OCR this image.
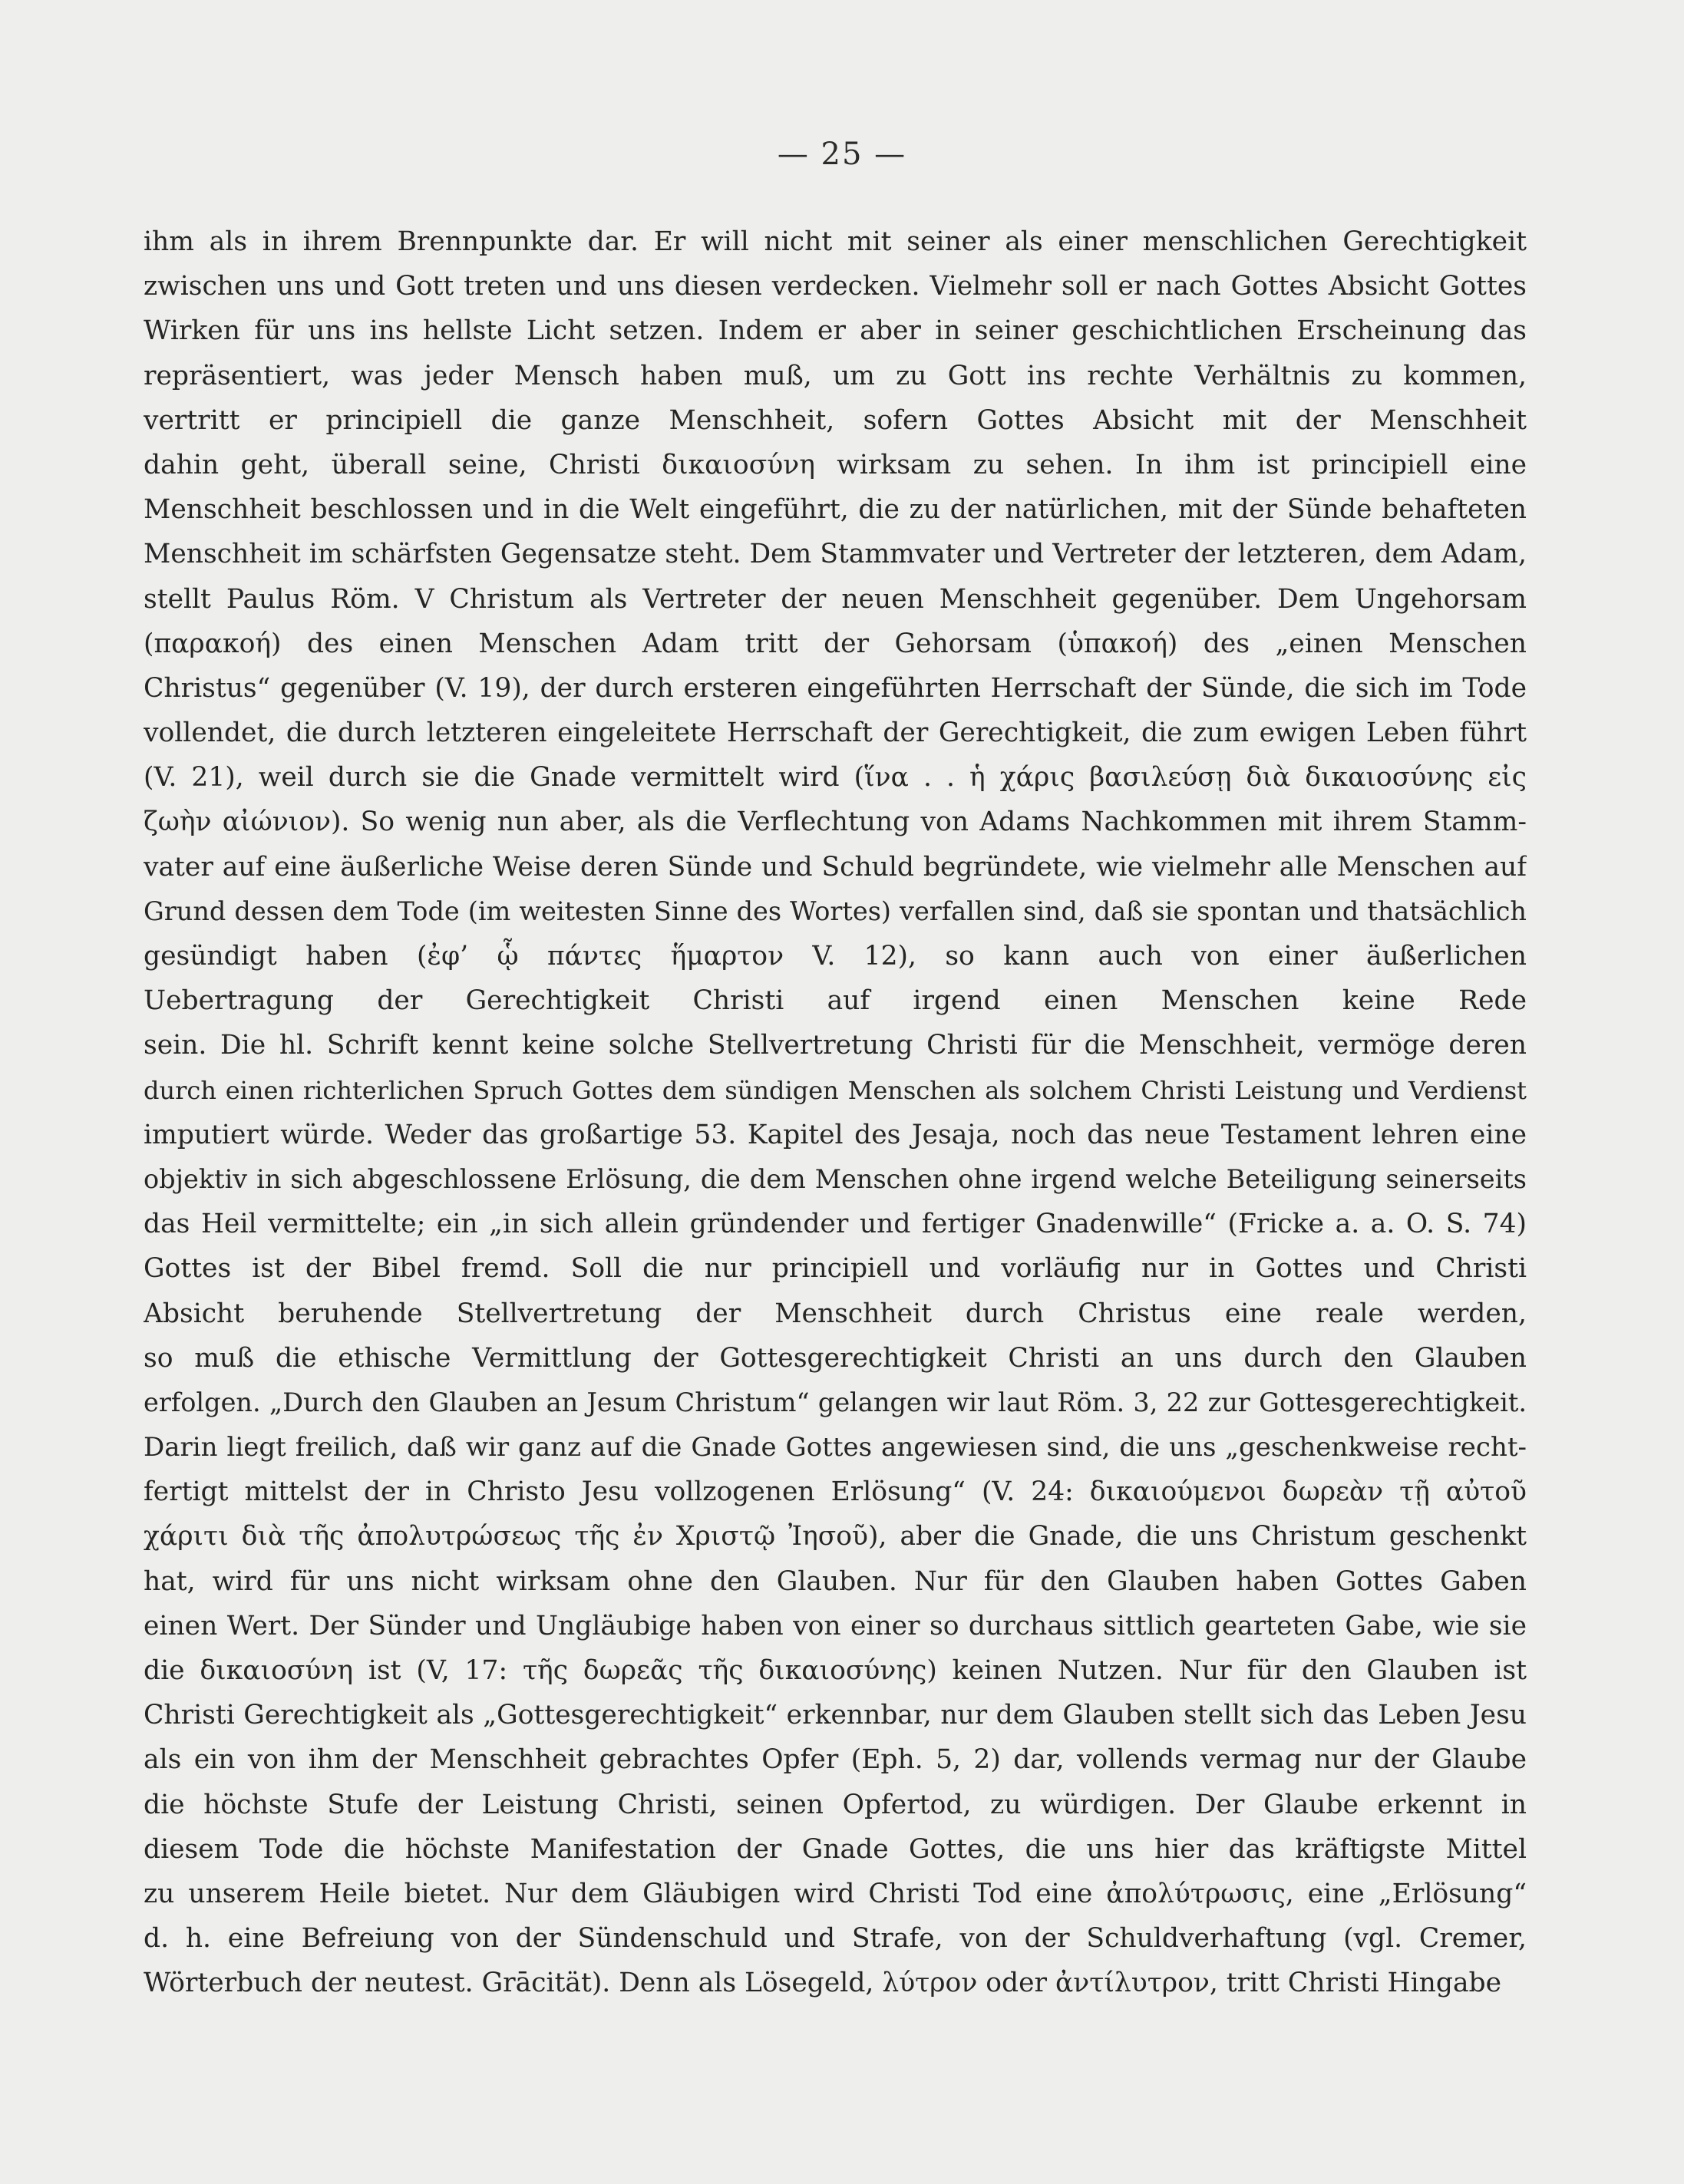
— 25 —
ihm als in ihrem Brennpunkte dar. Er will nicht mit seiner als einer menschlichen Gerechtigkeit
zwischen uns und Gott treten und uns diesen verdecken. Vielmehr soll er nach Gottes Absicht Gottes
Wirken für uns ins hellste Licht setzen. Indem er aber in seiner geschichtlichen Erscheinung das
repräsentiert, was jeder Mensch haben muß, um zu Gott ins rechte Verhältnis zu kommen,
vertritt er principiell die ganze Menschheit, sofern Gottes Absicht mit der Menschheit
dahin geht, überall seine, Christi δικαιοσύνη wirksam zu sehen. In ihm ist principiell eine
Menschheit beschlossen und in die Welt eingeführt, die zu der natürlichen, mit der Sünde behafteten
Menschheit im schärfsten Gegensatze steht. Dem Stammvater und Vertreter der letzteren, dem Adam,
stellt Paulus Röm. V Christum als Vertreter der neuen Menschheit gegenüber. Dem Ungehorsam
(παρακοή) des einen Menschen Adam tritt der Gehorsam (ὑπακοή) des „einen Menschen
Christus“ gegenüber (V. 19), der durch ersteren eingeführten Herrschaft der Sünde, die sich im Tode
vollendet, die durch letzteren eingeleitete Herrschaft der Gerechtigkeit, die zum ewigen Leben führt
(V. 21), weil durch sie die Gnade vermittelt wird (ἵνα . . ἡ χάρις βασιλεύσῃ διὰ δικαιοσύνης εἰς
ζωὴν αἰώνιον). So wenig nun aber, als die Verflechtung von Adams Nachkommen mit ihrem Stamm-
vater auf eine äußerliche Weise deren Sünde und Schuld begründete, wie vielmehr alle Menschen auf
Grund dessen dem Tode (im weitesten Sinne des Wortes) verfallen sind, daß sie spontan und thatsächlich
gesündigt haben (ἐφ’ ᾧ πάντες ἥμαρτον V. 12), so kann auch von einer äußerlichen
Uebertragung der Gerechtigkeit Christi auf irgend einen Menschen keine Rede
sein. Die hl. Schrift kennt keine solche Stellvertretung Christi für die Menschheit, vermöge deren
durch einen richterlichen Spruch Gottes dem sündigen Menschen als solchem Christi Leistung und Verdienst
imputiert würde. Weder das großartige 53. Kapitel des Jesaja, noch das neue Testament lehren eine
objektiv in sich abgeschlossene Erlösung, die dem Menschen ohne irgend welche Beteiligung seinerseits
das Heil vermittelte; ein „in sich allein gründender und fertiger Gnadenwille“ (Fricke a. a. O. S. 74)
Gottes ist der Bibel fremd. Soll die nur principiell und vorläufig nur in Gottes und Christi
Absicht beruhende Stellvertretung der Menschheit durch Christus eine reale werden,
so muß die ethische Vermittlung der Gottesgerechtigkeit Christi an uns durch den Glauben
erfolgen. „Durch den Glauben an Jesum Christum“ gelangen wir laut Röm. 3, 22 zur Gottesgerechtigkeit.
Darin liegt freilich, daß wir ganz auf die Gnade Gottes angewiesen sind, die uns „geschenkweise recht-
fertigt mittelst der in Christo Jesu vollzogenen Erlösung“ (V. 24: δικαιούμενοι δωρεὰν τῇ αὐτοῦ
χάριτι διὰ τῆς ἀπολυτρώσεως τῆς ἐν Χριστῷ Ἰησοῦ), aber die Gnade, die uns Christum geschenkt
hat, wird für uns nicht wirksam ohne den Glauben. Nur für den Glauben haben Gottes Gaben
einen Wert. Der Sünder und Ungläubige haben von einer so durchaus sittlich gearteten Gabe, wie sie
die δικαιοσύνη ist (V, 17: τῆς δωρεᾶς τῆς δικαιοσύνης) keinen Nutzen. Nur für den Glauben ist
Christi Gerechtigkeit als „Gottesgerechtigkeit“ erkennbar, nur dem Glauben stellt sich das Leben Jesu
als ein von ihm der Menschheit gebrachtes Opfer (Eph. 5, 2) dar, vollends vermag nur der Glaube
die höchste Stufe der Leistung Christi, seinen Opfertod, zu würdigen. Der Glaube erkennt in
diesem Tode die höchste Manifestation der Gnade Gottes, die uns hier das kräftigste Mittel
zu unserem Heile bietet. Nur dem Gläubigen wird Christi Tod eine ἀπολύτρωσις, eine „Erlösung“
d. h. eine Befreiung von der Sündenschuld und Strafe, von der Schuldverhaftung (vgl. Cremer,
Wörterbuch der neutest. Grācität). Denn als Lösegeld, λύτρον oder ἀντίλυτρον, tritt Christi Hingabe
